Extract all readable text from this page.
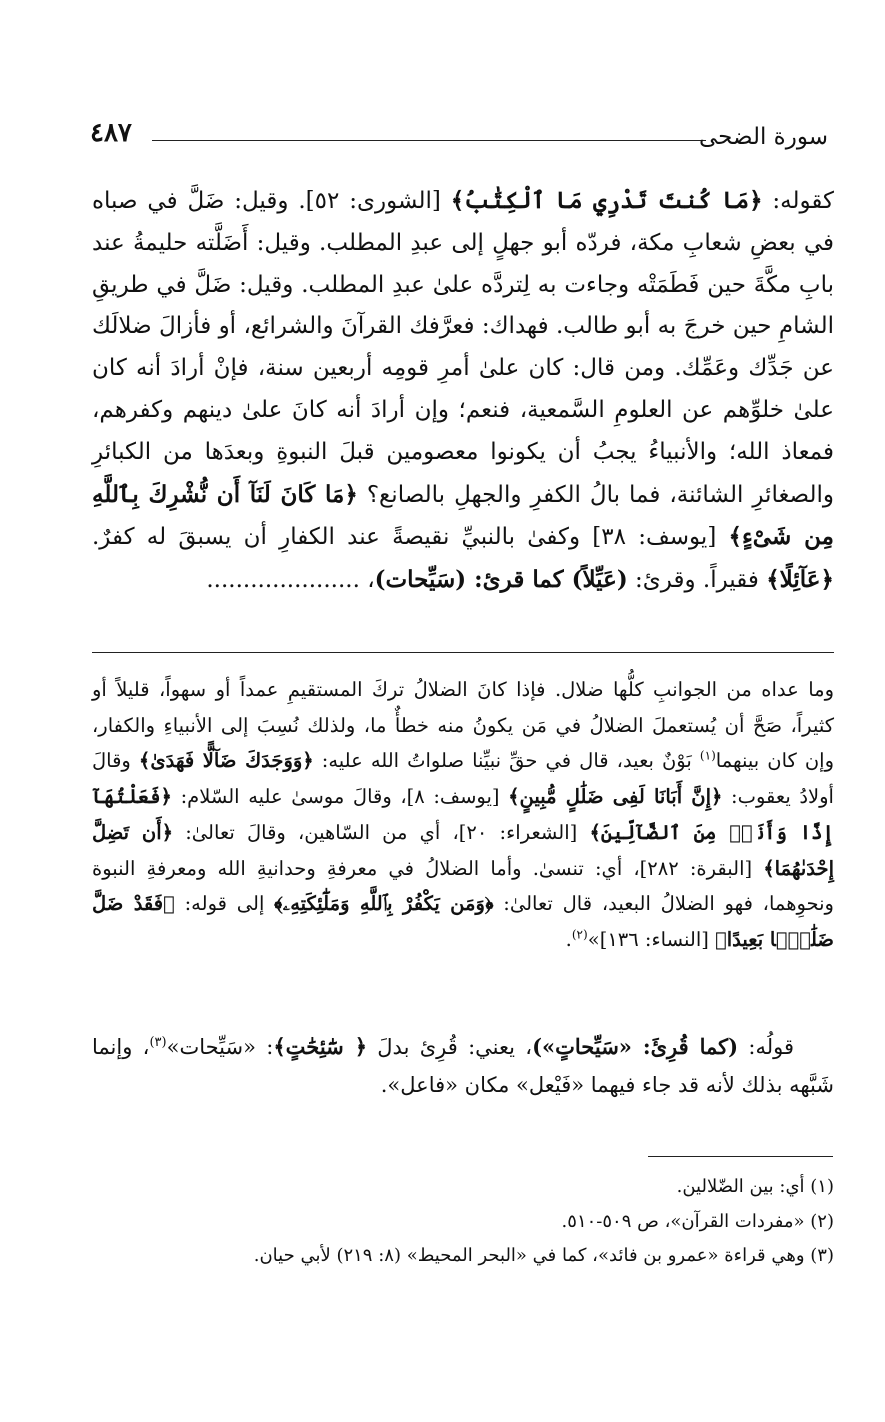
٤٨٧	سورة الضحى

كقوله: ﴿مَا كُنتَ تَدْرِي مَا ٱلْكِتَٰبُ﴾ [الشورى: ٥٢]. وقيل: ضَلَّ في صباه في بعضِ شعابِ مكة، فردّه أبو جهلٍ إلى عبدِ المطلب. وقيل: أَضَلَّته حليمةُ عند بابِ مكَّةَ حين فَطَمَتْه وجاءت به لِتردَّه علىٰ عبدِ المطلب. وقيل: ضَلَّ في طريقِ الشامِ حين خرجَ به أبو طالب. فهداك: فعرَّفك القرآنَ والشرائع، أو فأزالَ ضلالَك عن جَدِّك وعَمِّك. ومن قال: كان علىٰ أمرِ قومِه أربعين سنة، فإنْ أرادَ أنه كان علىٰ خلوِّهم عن العلومِ السَّمعية، فنعم؛ وإن أرادَ أنه كانَ علىٰ دينهم وكفرهم، فمعاذ الله؛ والأنبياءُ يجبُ أن يكونوا معصومين قبلَ النبوةِ وبعدَها من الكبائرِ والصغائرِ الشائنة، فما بالُ الكفرِ والجهلِ بالصانع؟ ﴿مَا كَانَ لَنَآ أَن نُّشْرِكَ بِٱللَّهِ مِن شَىْءٍ﴾ [يوسف: ٣٨] وكفىٰ بالنبيِّ نقيصةً عند الكفارِ أن يسبقَ له كفرٌ. ﴿عَآئِلًا﴾ فقيراً. وقرئ: (عَيِّلاً) كما قرئ: (سَيِّحات)، .....................

وما عداه من الجوانبِ كلُّها ضلال. فإذا كانَ الضلالُ تركَ المستقيمِ عمداً أو سهواً، قليلاً أو كثيراً، صَحَّ أن يُستعملَ الضلالُ في مَن يكونُ منه خطأٌ ما، ولذلك نُسِبَ إلى الأنبياءِ والكفار، وإن كان بينهما$^{(١)}$ بَوْنٌ بعيد، قال في حقِّ نبيِّنا صلواتُ الله عليه: ﴿وَوَجَدَكَ ضَآلًّا فَهَدَىٰ﴾ وقالَ أولادُ يعقوب: ﴿إِنَّ أَبَانَا لَفِى ضَلَٰلٍ مُّبِينٍ﴾ [يوسف: ٨]، وقالَ موسىٰ عليه السّلام: ﴿فَعَلْتُهَآ إِذًا وَأَنَا۠ مِنَ ٱلضَّآلِّينَ﴾ [الشعراء: ٢٠]، أي من السّاهين، وقالَ تعالىٰ: ﴿أَن تَضِلَّ إِحْدَىٰهُمَا﴾ [البقرة: ٢٨٢]، أي: تنسىٰ. وأما الضلالُ في معرفةِ وحدانيةِ الله ومعرفةِ النبوة ونحوِهما، فهو الضلالُ البعيد، قال تعالىٰ: ﴿وَمَن يَكْفُرْ بِٱللَّهِ وَمَلَٰٓئِكَتِهِۦ﴾ إلى قوله: ﴿فَقَدْ ضَلَّ ضَلَٰلًۢا بَعِيدًا﴾ [النساء: ١٣٦]»$^{(٢)}$.

قولُه: (كما قُرِئَ: «سَيِّحاتٍ»)، يعني: قُرِئ بدلَ ﴿ سَٰٓئِحَٰتٍ﴾: «سَيِّحات»$^{(٣)}$، وإنما شَبَّهه بذلك لأنه قد جاء فيهما «فَيْعل» مكان «فاعل».

(١) أي: بين الضّلالين.

(٢) «مفردات القرآن»، ص ٥٠٩-٥١٠.

(٣) وهي قراءة «عمرو بن فائد»، كما في «البحر المحيط» (٨: ٢١٩) لأبي حيان.
